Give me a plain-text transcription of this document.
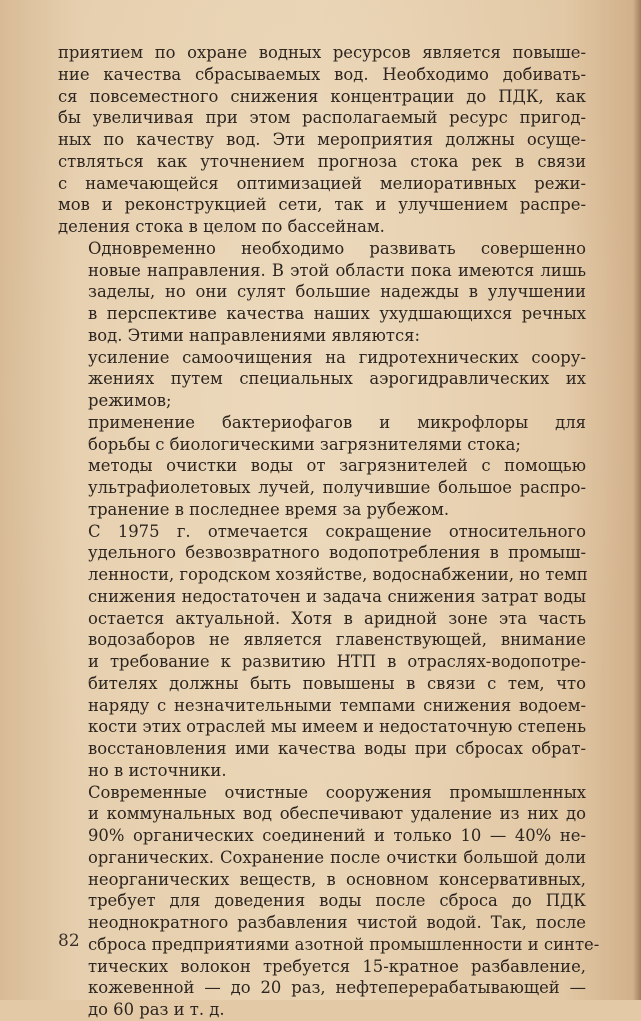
приятием по охране водных ресурсов является повыше-
ние качества сбрасываемых вод. Необходимо добивать-
ся повсеместного снижения концентрации до ПДК, как
бы увеличивая при этом располагаемый ресурс пригод-
ных по качеству вод. Эти мероприятия должны осуще-
ствляться как уточнением прогноза стока рек в связи
с намечающейся оптимизацией мелиоративных режи-
мов и реконструкцией сети, так и улучшением распре-
деления стока в целом по бассейнам.

Одновременно необходимо развивать совершенно
новые направления. В этой области пока имеются лишь
заделы, но они сулят большие надежды в улучшении
в перспективе качества наших ухудшающихся речных
вод. Этими направлениями являются:

усиление самоочищения на гидротехнических соору-
жениях путем специальных аэрогидравлических их
режимов;

применение бактериофагов и микрофлоры для
борьбы с биологическими загрязнителями стока;

методы очистки воды от загрязнителей с помощью
ультрафиолетовых лучей, получившие большое распро-
транение в последнее время за рубежом.

С 1975 г. отмечается сокращение относительного
удельного безвозвратного водопотребления в промыш-
ленности, городском хозяйстве, водоснабжении, но темп
снижения недостаточен и задача снижения затрат воды
остается актуальной. Хотя в аридной зоне эта часть
водозаборов не является главенствующей, внимание
и требование к развитию НТП в отраслях-водопотре-
бителях должны быть повышены в связи с тем, что
наряду с незначительными темпами снижения водоем-
кости этих отраслей мы имеем и недостаточную степень
восстановления ими качества воды при сбросах обрат-
но в источники.

Современные очистные сооружения промышленных
и коммунальных вод обеспечивают удаление из них до
90% органических соединений и только 10 — 40% не-
органических. Сохранение после очистки большой доли
неорганических веществ, в основном консервативных,
требует для доведения воды после сброса до ПДК
неоднократного разбавления чистой водой. Так, после
сброса предприятиями азотной промышленности и синте-
тических волокон требуется 15-кратное разбавление,
кожевенной — до 20 раз, нефтеперерабатывающей —
до 60 раз и т. д.

82
